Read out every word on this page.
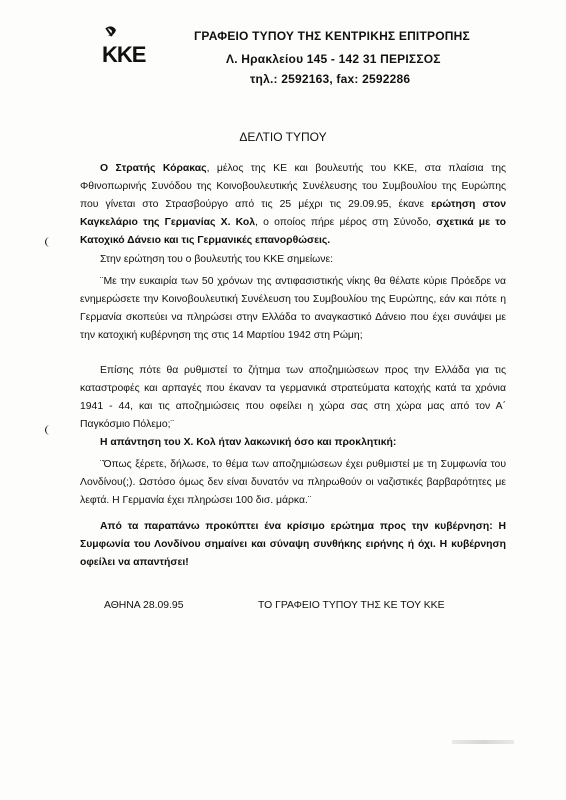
KKE
ΓΡΑΦΕΙΟ ΤΥΠΟΥ ΤΗΣ ΚΕΝΤΡΙΚΗΣ ΕΠΙΤΡΟΠΗΣ
Λ. Ηρακλείου 145 - 142 31 ΠΕΡΙΣΣΟΣ
τηλ.: 2592163, fax: 2592286
ΔΕΛΤΙΟ ΤΥΠΟΥ
Ο Στρατής Κόρακας, μέλος της ΚΕ και βουλευτής του ΚΚΕ, στα πλαίσια της Φθινοπωρινής Συνόδου της Κοινοβουλευτικής Συνέλευσης του Συμβουλίου της Ευρώπης που γίνεται στο Στρασβούργο από τις 25 μέχρι τις 29.09.95, έκανε ερώτηση στον Καγκελάριο της Γερμανίας Χ. Κολ, ο οποίος πήρε μέρος στη Σύνοδο, σχετικά με το Κατοχικό Δάνειο και τις Γερμανικές επανορθώσεις.
Στην ερώτηση του ο βουλευτής του ΚΚΕ σημείωνε:
¨Με την ευκαιρία των 50 χρόνων της αντιφασιστικής νίκης θα θέλατε κύριε Πρόεδρε να ενημερώσετε την Κοινοβουλευτική Συνέλευση του Συμβουλίου της Ευρώπης, εάν και πότε η Γερμανία σκοπεύει να πληρώσει στην Ελλάδα το αναγκαστικό Δάνειο που έχει συνάψει με την κατοχική κυβέρνηση της στις 14 Μαρτίου 1942 στη Ρώμη;
Επίσης πότε θα ρυθμιστεί το ζήτημα των αποζημιώσεων προς την Ελλάδα για τις καταστροφές και αρπαγές που έκαναν τα γερμανικά στρατεύματα κατοχής κατά τα χρόνια 1941 - 44, και τις αποζημιώσεις που οφείλει η χώρα σας στη χώρα μας από τον Α΄ Παγκόσμιο Πόλεμο;¨
Η απάντηση του Χ. Κολ ήταν λακωνική όσο και προκλητική:
¨Όπως ξέρετε, δήλωσε, το θέμα των αποζημιώσεων έχει ρυθμιστεί με τη Συμφωνία του Λονδίνου(;). Ωστόσο όμως δεν είναι δυνατόν να πληρωθούν οι ναζιστικές βαρβαρότητες με λεφτά. Η Γερμανία έχει πληρώσει 100 δισ. μάρκα.¨
Από τα παραπάνω προκύπτει ένα κρίσιμο ερώτημα προς την κυβέρνηση: Η Συμφωνία του Λονδίνου σημαίνει και σύναψη συνθήκης ειρήνης ή όχι. Η κυβέρνηση οφείλει να απαντήσει!
ΑΘΗΝΑ 28.09.95	ΤΟ ΓΡΑΦΕΙΟ ΤΥΠΟΥ ΤΗΣ ΚΕ ΤΟΥ ΚΚΕ
